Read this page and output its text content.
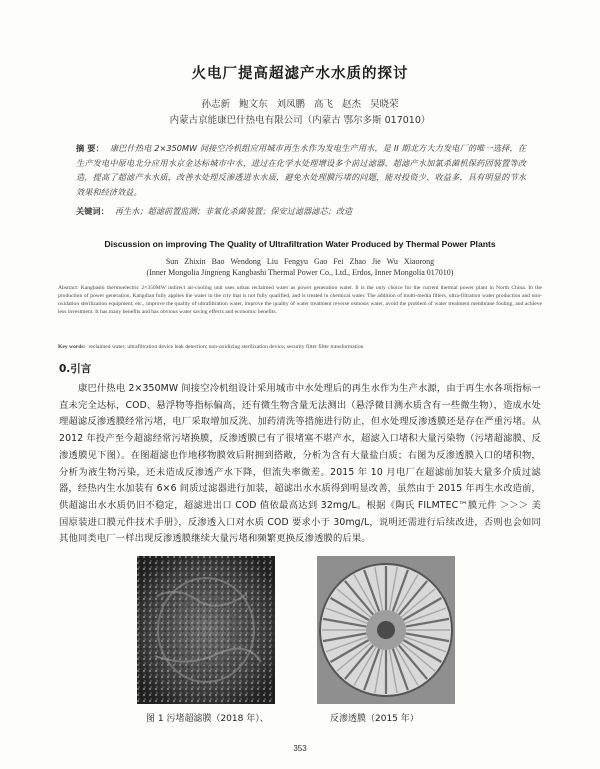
火电厂提高超滤产水水质的探讨
孙志新 鲍文东 刘凤鹏 高飞 赵杰 吴晓荣
内蒙古京能康巴什热电有限公司（内蒙古 鄂尔多斯 017010）
摘 要： 康巴什热电 2×350MW 间接空冷机组应用城市再生水作为发电生产用水，是 II 期北方大力发电厂的唯一选择，在生产发电中原电北分应用水京金达标城市中水，进过在化学水处理增设多个前过滤器、超滤产水加氯杀菌机保药固装置等改造，提高了超滤产水水质，改善水处理反渗透进水水质，避免水处理膜污堵的问题，能对投资少、收益多，具有明显的节水效果和经济效益。
关键词： 再生水；超滤前置监测；非氧化杀菌装置；保安过滤器滤芯；改造
Discussion on improving The Quality of Ultrafiltration Water Produced by Thermal Power Plants
Sun Zhixin Bao Wendong Liu Fengyu Gao Fei Zhao Jie Wu Xiaorong
(Inner Mongolia Jingneng Kangbashi Thermal Power Co., Ltd., Erdos, Inner Mongolia 017010)
Abstract: Kangbashi thermoelectric 2×350MW indirect air-cooling unit uses urban reclaimed water as power generation water. It is the only choice for the current thermal power plant in North China. In the production of power generation, Kangdian fully applies the water in the city that is not fully qualified, and is treated in chemical water. The addition of multi-media filters, ultra-filtration water production and non-oxidation sterilization equipment, etc., improve the quality of ultrafiltration water, improve the quality of water treatment reverse osmosis water, avoid the problem of water treatment membrane fouling, and achieve less investment. It has many benefits and has obvious water saving effects and economic benefits.
Key words: reclaimed water; ultrafiltration device leak detection; non-oxidizing sterilization device; security filter filter transformation
0.引言
康巴什热电 2×350MW 间接空冷机组设计采用城市中水处理后的再生水作为生产水源，由于再生水各项指标一直未完全达标，COD、悬浮物等指标偏高，还有微生物含量无法测出（悬浮微目测水质含有一些微生物），造成水处理超滤反渗透膜经常污堵，电厂采取增加反洗、加药清洗等措施进行防止，但水处理反渗透膜还是存在严重污堵。从 2012 年投产至今超滤经常污堵换膜，反渗透膜已有了很堵塞不堪产水，超滤入口堵积大量污染物（污堵超滤膜、反渗透膜见下图）。在图超滤也作地移物膜效后附拥到搭敞，分析为含有大量盐白质；右图为反渗透膜入口的堵积物，分析为液生物污染，还未造成反渗透产水下降，但流失率微差。2015 年 10 月电厂在超滤前加装大量多介质过滤器，经热内生水加装有 6×6 间质过滤器进行加装，超滤出水水质得到明显改善，虽然由于 2015 年再生水改造前，供超滤出水水质仍旧不稳定，超滤进出口 COD 值依最高达到 32mg/L。根据《陶氏 FILMTEC™膜元件 ＞＞＞ 美国原装进口膜元件技术手册》，反渗透入口对水质 COD 要求小于 30mg/L，说明还需进行后续改进，否则也会如同其他同类电厂一样出现反渗透膜继续大量污堵和频繁更换反渗透膜的后果。
图 1 污堵超滤膜（2018 年）、	反渗透膜（2015 年）
353
